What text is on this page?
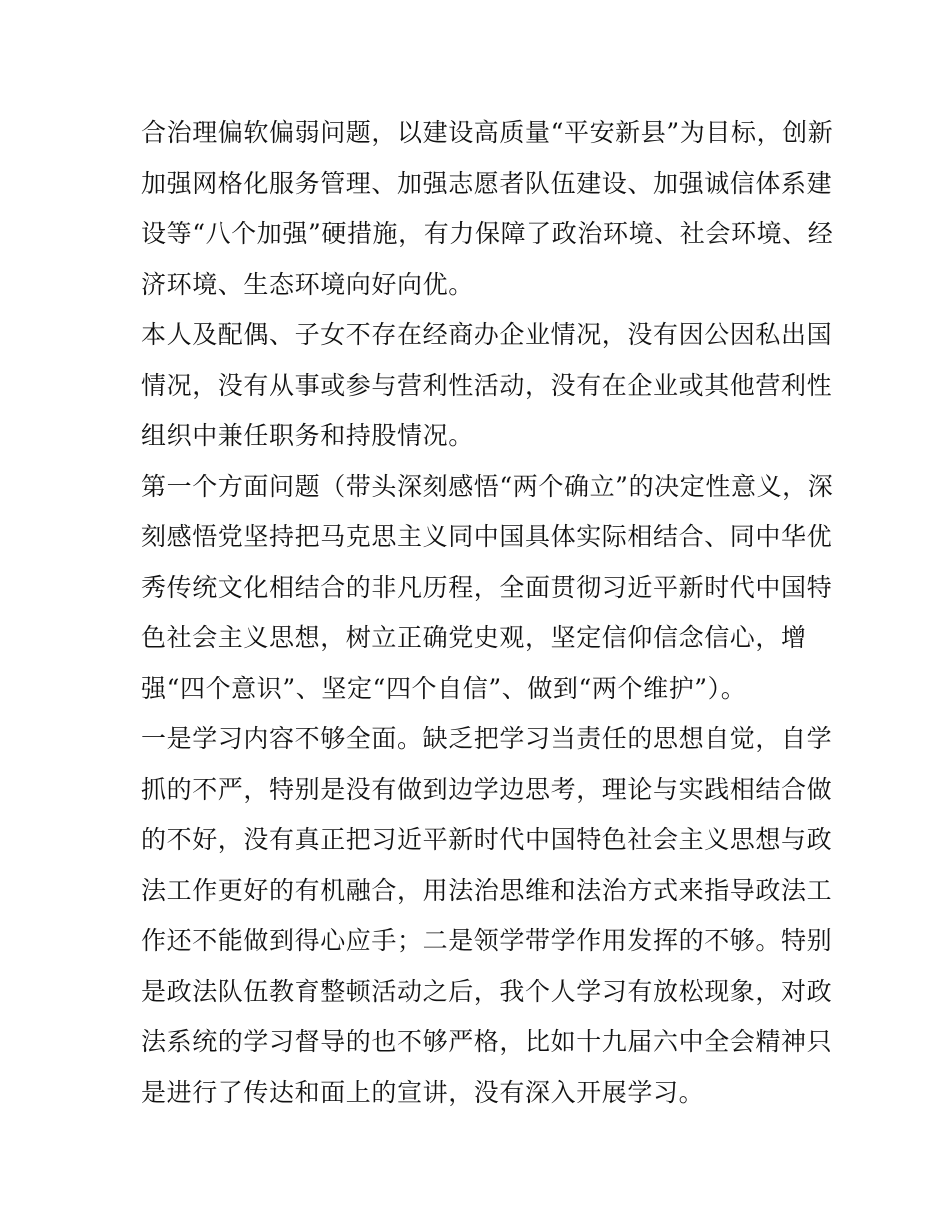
合治理偏软偏弱问题，以建设高质量“平安新县”为目标，创新
加强网格化服务管理、加强志愿者队伍建设、加强诚信体系建
设等“八个加强”硬措施，有力保障了政治环境、社会环境、经
济环境、生态环境向好向优。

本人及配偶、子女不存在经商办企业情况，没有因公因私出国
情况，没有从事或参与营利性活动，没有在企业或其他营利性
组织中兼任职务和持股情况。

第一个方面问题（带头深刻感悟“两个确立”的决定性意义，深
刻感悟党坚持把马克思主义同中国具体实际相结合、同中华优
秀传统文化相结合的非凡历程，全面贯彻习近平新时代中国特
色社会主义思想，树立正确党史观，坚定信仰信念信心，增
强“四个意识”、坚定“四个自信”、做到“两个维护”）。

一是学习内容不够全面。缺乏把学习当责任的思想自觉，自学
抓的不严，特别是没有做到边学边思考，理论与实践相结合做
的不好，没有真正把习近平新时代中国特色社会主义思想与政
法工作更好的有机融合，用法治思维和法治方式来指导政法工
作还不能做到得心应手；二是领学带学作用发挥的不够。特别
是政法队伍教育整顿活动之后，我个人学习有放松现象，对政
法系统的学习督导的也不够严格，比如十九届六中全会精神只
是进行了传达和面上的宣讲，没有深入开展学习。
